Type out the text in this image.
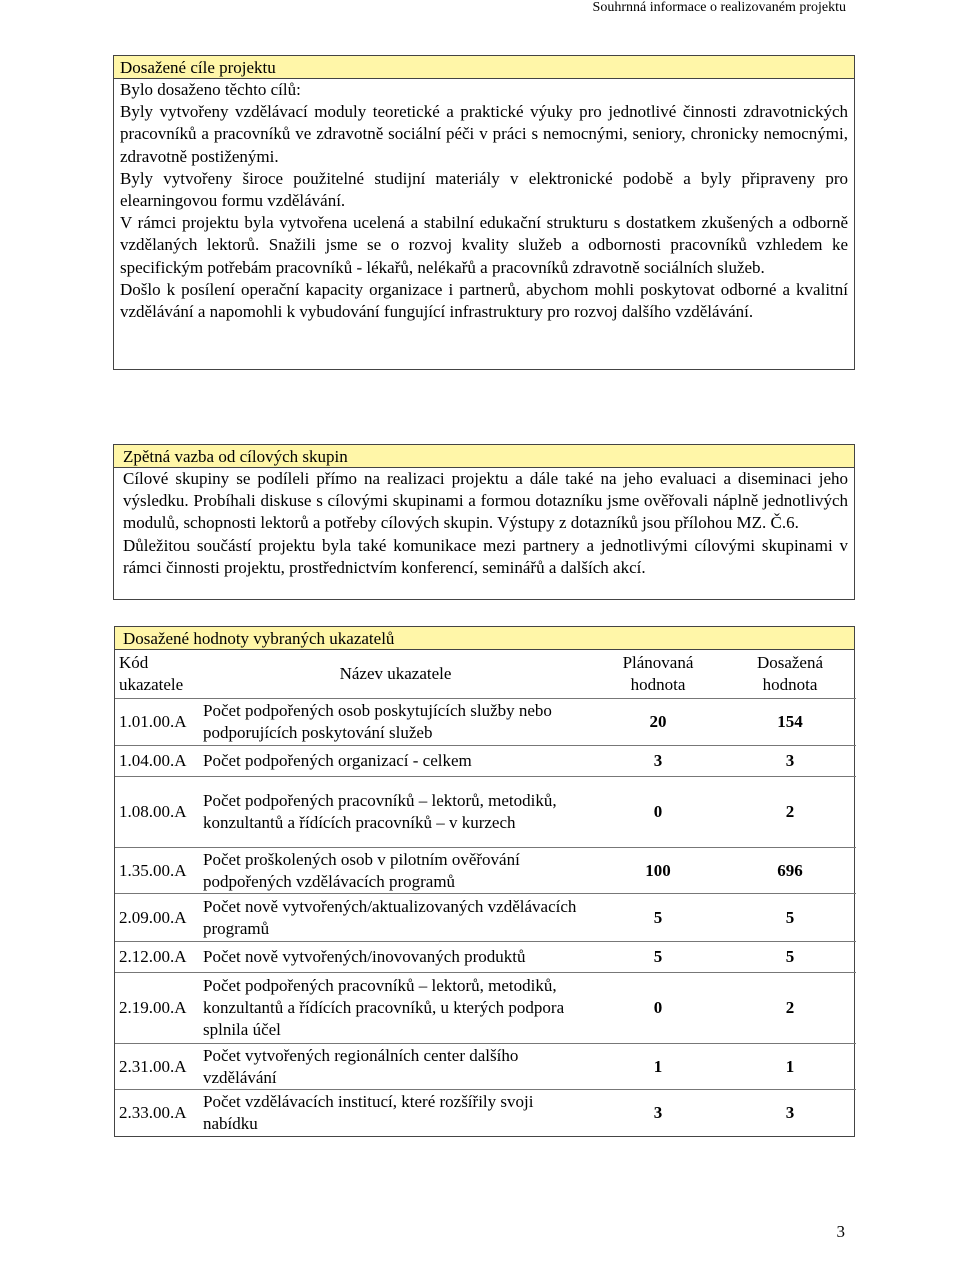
Souhrnná informace o realizovaném projektu
Dosažené cíle projektu

Bylo dosaženo těchto cílů:

Byly vytvořeny vzdělávací moduly teoretické a praktické výuky pro jednotlivé činnosti zdravotnických pracovníků a pracovníků ve zdravotně sociální péči v práci s nemocnými, seniory, chronicky nemocnými, zdravotně postiženými.

Byly vytvořeny široce použitelné studijní materiály v elektronické podobě a byly připraveny pro elearningovou formu vzdělávání.

V rámci projektu byla vytvořena ucelená a stabilní edukační strukturu s dostatkem zkušených a odborně vzdělaných lektorů. Snažili jsme se o rozvoj kvality služeb a odbornosti pracovníků vzhledem ke specifickým potřebám pracovníků - lékařů, nelékařů a pracovníků zdravotně sociálních služeb.

Došlo k posílení operační kapacity organizace i partnerů, abychom mohli poskytovat odborné a kvalitní vzdělávání a napomohli k vybudování fungující infrastruktury pro rozvoj dalšího vzdělávání.

Zpětná vazba od cílových skupin

Cílové skupiny se podíleli přímo na realizaci projektu a dále také na jeho evaluaci a diseminaci jeho výsledku. Probíhali diskuse s cílovými skupinami a formou dotazníku jsme ověřovali náplně jednotlivých modulů, schopnosti lektorů a potřeby cílových skupin. Výstupy z dotazníků jsou přílohou MZ. Č.6.

Důležitou součástí projektu byla také komunikace mezi partnery a jednotlivými cílovými skupinami v rámci činnosti projektu, prostřednictvím konferencí, seminářů a dalších akcí.

Dosažené hodnoty vybraných ukazatelů
Kód ukazatele	Název ukazatele	Plánovaná hodnota	Dosažená hodnota
1.01.00.A	Počet podpořených osob poskytujících služby nebo podporujících poskytování služeb	20	154
1.04.00.A	Počet podpořených organizací - celkem	3	3
1.08.00.A	Počet podpořených pracovníků – lektorů, metodiků, konzultantů a řídících pracovníků – v kurzech	0	2
1.35.00.A	Počet proškolených osob v pilotním ověřování podpořených vzdělávacích programů	100	696
2.09.00.A	Počet nově vytvořených/aktualizovaných vzdělávacích programů	5	5
2.12.00.A	Počet nově vytvořených/inovovaných produktů	5	5
2.19.00.A	Počet podpořených pracovníků – lektorů, metodiků, konzultantů a řídících pracovníků, u kterých podpora splnila účel	0	2
2.31.00.A	Počet vytvořených regionálních center dalšího vzdělávání	1	1
2.33.00.A	Počet vzdělávacích institucí, které rozšířily svoji nabídku	3	3
3
